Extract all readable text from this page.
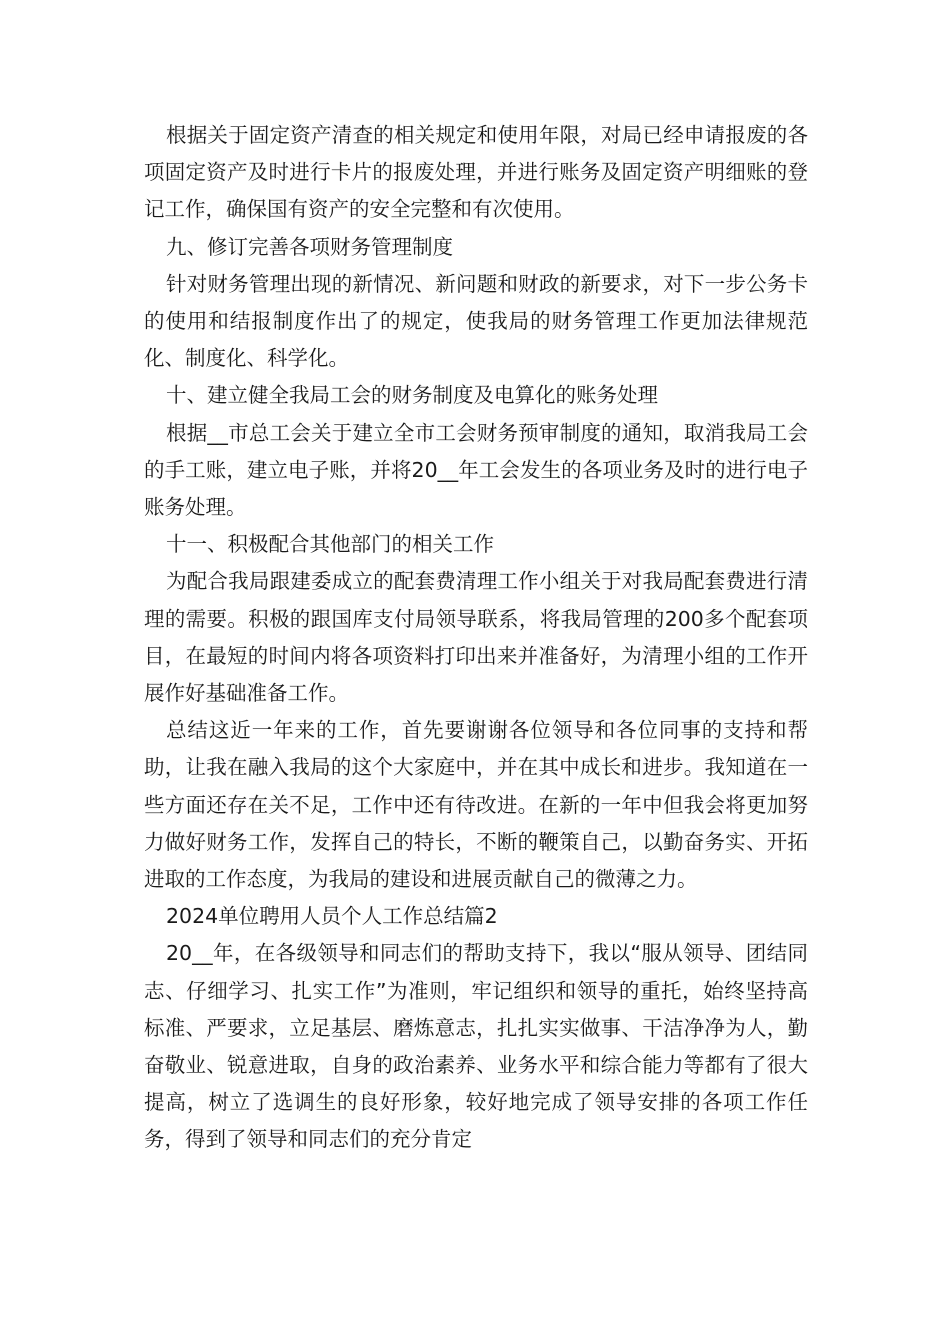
根据关于固定资产清查的相关规定和使用年限，对局已经申请报废的各项固定资产及时进行卡片的报废处理，并进行账务及固定资产明细账的登记工作，确保国有资产的安全完整和有次使用。

九、修订完善各项财务管理制度

针对财务管理出现的新情况、新问题和财政的新要求，对下一步公务卡的使用和结报制度作出了的规定，使我局的财务管理工作更加法律规范化、制度化、科学化。

十、建立健全我局工会的财务制度及电算化的账务处理

根据__市总工会关于建立全市工会财务预审制度的通知，取消我局工会的手工账，建立电子账，并将20__年工会发生的各项业务及时的进行电子账务处理。

十一、积极配合其他部门的相关工作

为配合我局跟建委成立的配套费清理工作小组关于对我局配套费进行清理的需要。积极的跟国库支付局领导联系，将我局管理的200多个配套项目，在最短的时间内将各项资料打印出来并准备好，为清理小组的工作开展作好基础准备工作。

总结这近一年来的工作，首先要谢谢各位领导和各位同事的支持和帮助，让我在融入我局的这个大家庭中，并在其中成长和进步。我知道在一些方面还存在关不足，工作中还有待改进。在新的一年中但我会将更加努力做好财务工作，发挥自己的特长，不断的鞭策自己，以勤奋务实、开拓进取的工作态度，为我局的建设和进展贡献自己的微薄之力。

2024单位聘用人员个人工作总结篇2

20__年，在各级领导和同志们的帮助支持下，我以“服从领导、团结同志、仔细学习、扎实工作”为准则，牢记组织和领导的重托，始终坚持高标准、严要求，立足基层、磨炼意志，扎扎实实做事、干洁净净为人，勤奋敬业、锐意进取，自身的政治素养、业务水平和综合能力等都有了很大提高，树立了选调生的良好形象，较好地完成了领导安排的各项工作任务，得到了领导和同志们的充分肯定
